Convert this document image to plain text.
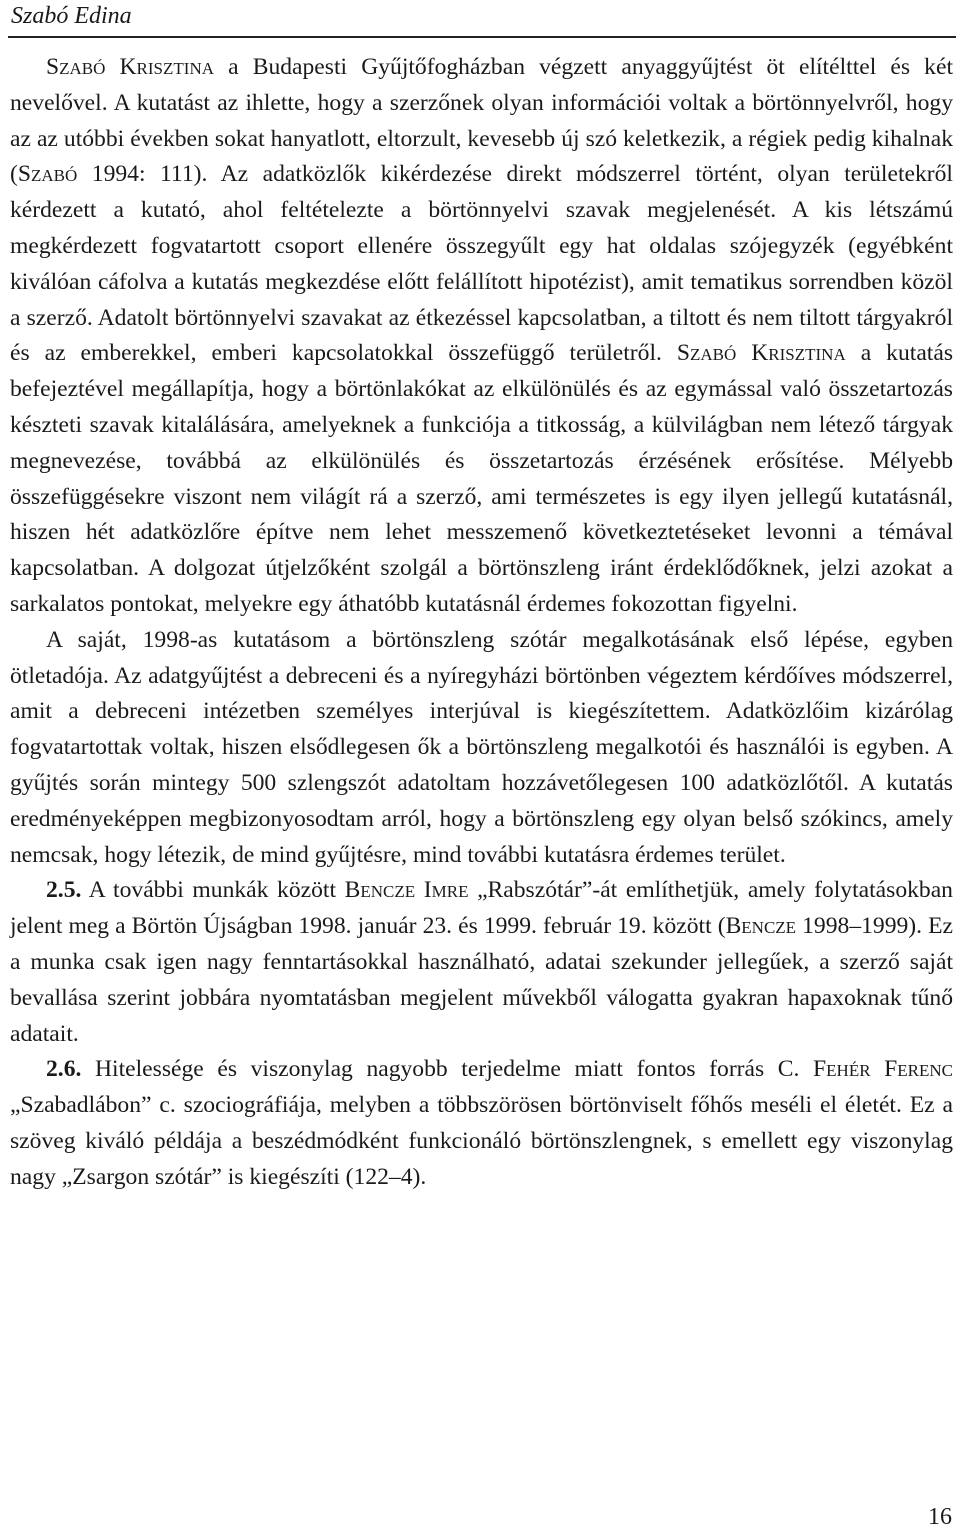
Szabó Edina

Szabó Krisztina a Budapesti Gyűjtőfogházban végzett anyaggyűjtést öt elítélttel és két nevelővel. A kutatást az ihlette, hogy a szerzőnek olyan információi voltak a börtönnyelvről, hogy az az utóbbi években sokat hanyatlott, eltorzult, kevesebb új szó keletkezik, a régiek pedig kihalnak (Szabó 1994: 111). Az adatközlők kikérdezése direkt módszerrel történt, olyan területekről kérdezett a kutató, ahol feltételezte a börtönnyelvi szavak megjelenését. A kis létszámú megkérdezett fogvatartott csoport ellenére összegyűlt egy hat oldalas szójegyzék (egyébként kiválóan cáfolva a kutatás megkezdése előtt felállított hipotézist), amit tematikus sorrendben közöl a szerző. Adatolt börtönnyelvi szavakat az étkezéssel kapcsolatban, a tiltott és nem tiltott tárgyakról és az emberekkel, emberi kapcsolatokkal összefüggő területről. Szabó Krisztina a kutatás befejeztével megállapítja, hogy a börtönlakókat az elkülönülés és az egymással való összetartozás készteti szavak kitalálására, amelyeknek a funkciója a titkosság, a külvilágban nem létező tárgyak megnevezése, továbbá az elkülönülés és összetartozás érzésének erősítése. Mélyebb összefüggésekre viszont nem világít rá a szerző, ami természetes is egy ilyen jellegű kutatásnál, hiszen hét adatközlőre építve nem lehet messzemenő következtetéseket levonni a témával kapcsolatban. A dolgozat útjelzőként szolgál a börtönszleng iránt érdeklődőknek, jelzi azokat a sarkalatos pontokat, melyekre egy áthatóbb kutatásnál érdemes fokozottan figyelni.

A saját, 1998-as kutatásom a börtönszleng szótár megalkotásának első lépése, egyben ötletadója. Az adatgyűjtést a debreceni és a nyíregyházi börtönben végeztem kérdőíves módszerrel, amit a debreceni intézetben személyes interjúval is kiegészítettem. Adatközlőim kizárólag fogvatartottak voltak, hiszen elsődlegesen ők a börtönszleng megalkotói és használói is egyben. A gyűjtés során mintegy 500 szlengszót adatoltam hozzávetőlegesen 100 adatközlőtől. A kutatás eredményeképpen megbizonyosodtam arról, hogy a börtönszleng egy olyan belső szókincs, amely nemcsak, hogy létezik, de mind gyűjtésre, mind további kutatásra érdemes terület.

2.5. A további munkák között Bencze Imre „Rabszótár”-át említhetjük, amely folytatásokban jelent meg a Börtön Újságban 1998. január 23. és 1999. február 19. között (Bencze 1998–1999). Ez a munka csak igen nagy fenntartásokkal használható, adatai szekunder jellegűek, a szerző saját bevallása szerint jobbára nyomtatásban megjelent művekből válogatta gyakran hapaxoknak tűnő adatait.

2.6. Hitelessége és viszonylag nagyobb terjedelme miatt fontos forrás C. Fehér Ferenc „Szabadlábon” c. szociográfiája, melyben a többszörösen börtönviselt főhős meséli el életét. Ez a szöveg kiváló példája a beszédmódként funkcionáló börtönszlengnek, s emellett egy viszonylag nagy „Zsargon szótár” is kiegészíti (122–4).

16
